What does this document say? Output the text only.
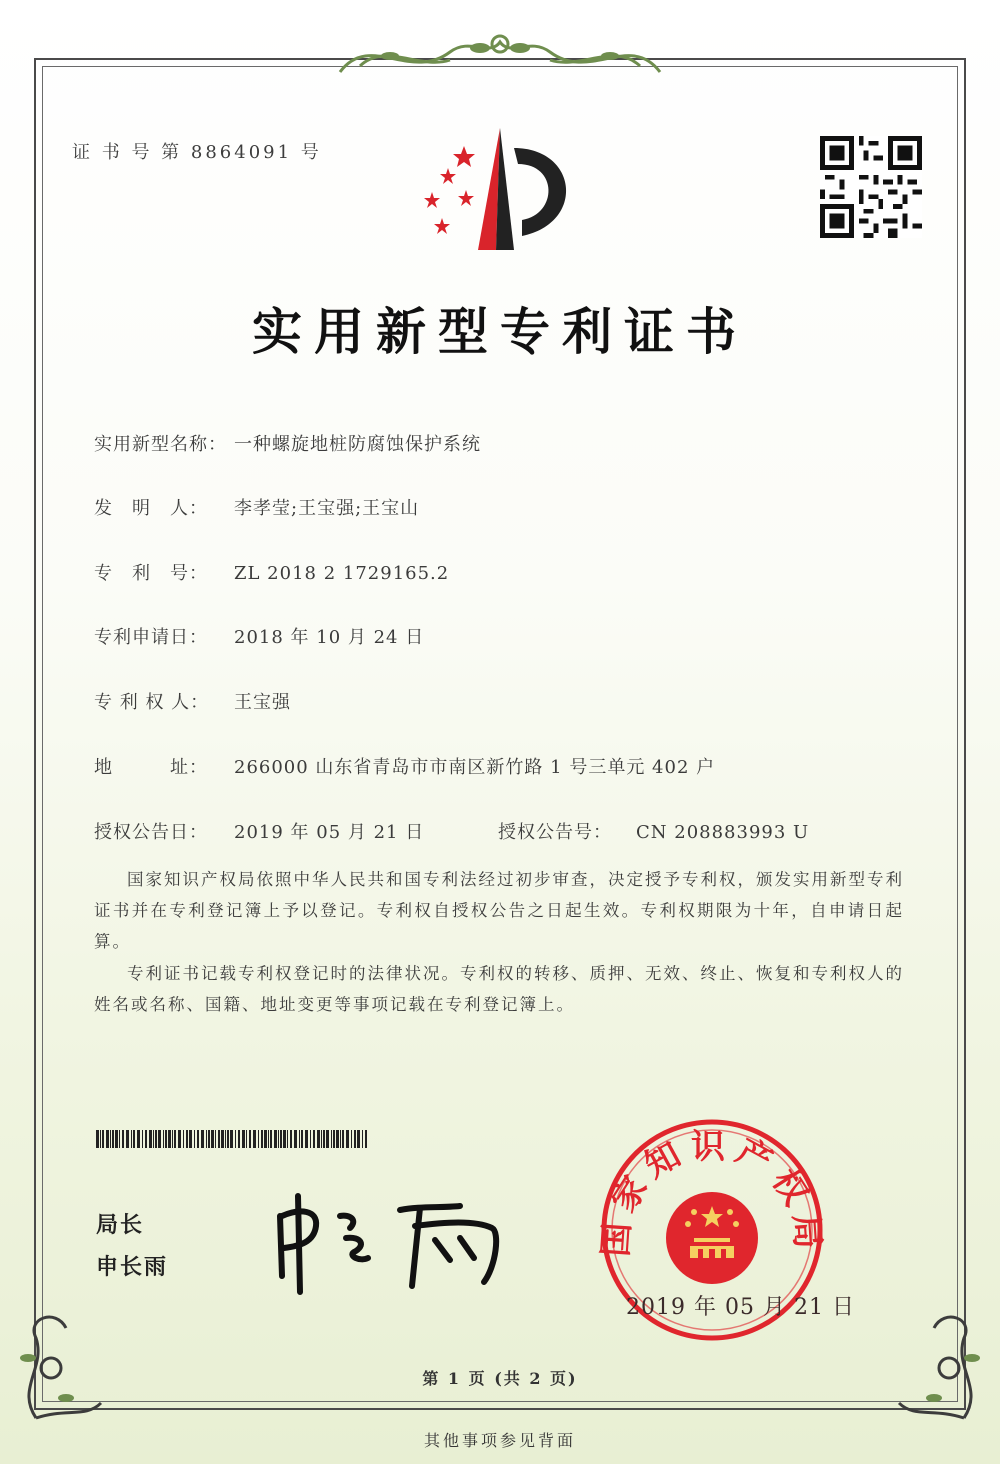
证 书 号 第 8864091 号
实用新型专利证书
实用新型名称： 一种螺旋地桩防腐蚀保护系统
发　明　人： 李孝莹;王宝强;王宝山
专　利　号： ZL 2018 2 1729165.2
专利申请日： 2018 年 10 月 24 日
专 利 权 人： 王宝强
地　　　址： 266000 山东省青岛市市南区新竹路 1 号三单元 402 户
授权公告日： 2019 年 05 月 21 日	授权公告号： CN 208883993 U
国家知识产权局依照中华人民共和国专利法经过初步审查，决定授予专利权，颁发实用新型专利证书并在专利登记簿上予以登记。专利权自授权公告之日起生效。专利权期限为十年，自申请日起算。
专利证书记载专利权登记时的法律状况。专利权的转移、质押、无效、终止、恢复和专利权人的姓名或名称、国籍、地址变更等事项记载在专利登记簿上。
局长
申长雨
国家知识产权局
2019 年 05 月 21 日
第 1 页 (共 2 页)
其他事项参见背面
